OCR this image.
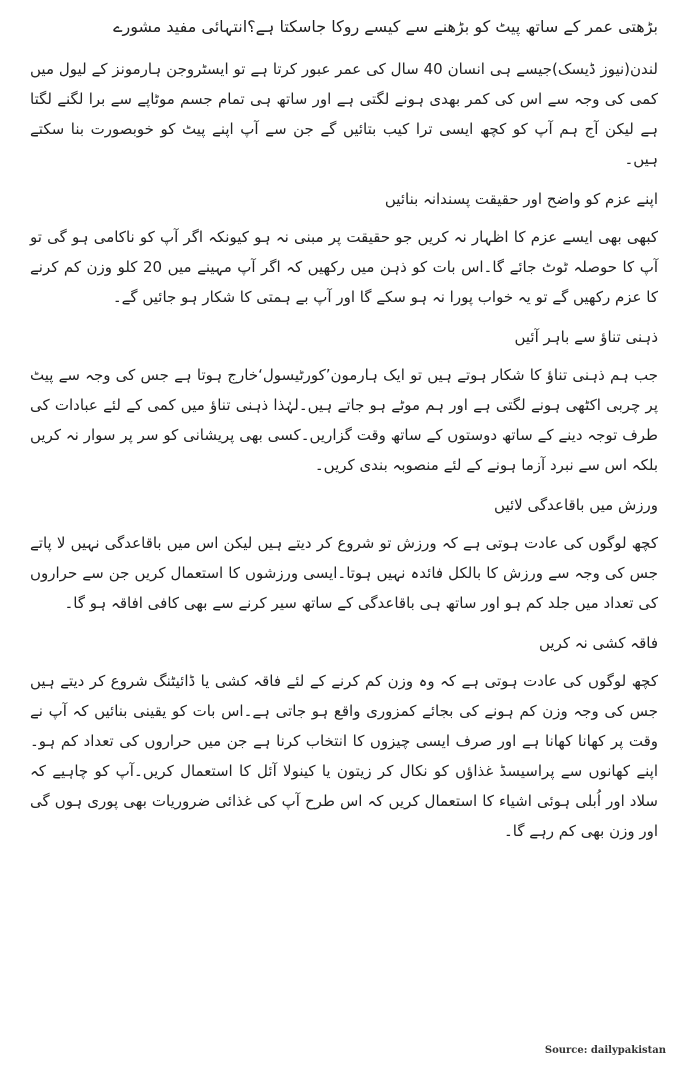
بڑھتی عمر کے ساتھ پیٹ کو بڑھنے سے کیسے روکا جاسکتا ہے؟انتہائی مفید مشورے

لندن(نیوز ڈیسک)جیسے ہی انسان 40 سال کی عمر عبور کرتا ہے تو ایسٹروجن ہارمونز کے لیول میں کمی کی وجہ سے اس کی کمر بھدی ہونے لگتی ہے اور ساتھ ہی تمام جسم موٹاپے سے برا لگنے لگتا ہے لیکن آج ہم آپ کو کچھ ایسی ترا کیب بتائیں گے جن سے آپ اپنے پیٹ کو خوبصورت بنا سکتے ہیں۔

اپنے عزم کو واضح اور حقیقت پسندانہ بنائیں

کبھی بھی ایسے عزم کا اظہار نہ کریں جو حقیقت پر مبنی نہ ہو کیونکہ اگر آپ کو ناکامی ہو گی تو آپ کا حوصلہ ٹوٹ جائے گا۔اس بات کو ذہن میں رکھیں کہ اگر آپ مہینے میں 20 کلو وزن کم کرنے کا عزم رکھیں گے تو یہ خواب پورا نہ ہو سکے گا اور آپ بے ہمتی کا شکار ہو جائیں گے۔

ذہنی تناؤ سے باہر آئیں

جب ہم ذہنی تناؤ کا شکار ہوتے ہیں تو ایک ہارمون’کورٹیسول‘خارج ہوتا ہے جس کی وجہ سے پیٹ پر چربی اکٹھی ہونے لگتی ہے اور ہم موٹے ہو جاتے ہیں۔لہٰذا ذہنی تناؤ میں کمی کے لئے عبادات کی طرف توجہ دینے کے ساتھ دوستوں کے ساتھ وقت گزاریں۔کسی بھی پریشانی کو سر پر سوار نہ کریں بلکہ اس سے نبرد آزما ہونے کے لئے منصوبہ بندی کریں۔

ورزش میں باقاعدگی لائیں

کچھ لوگوں کی عادت ہوتی ہے کہ ورزش تو شروع کر دیتے ہیں لیکن اس میں باقاعدگی نہیں لا پاتے جس کی وجہ سے ورزش کا بالکل فائدہ نہیں ہوتا۔ایسی ورزشوں کا استعمال کریں جن سے حراروں کی تعداد میں جلد کم ہو اور ساتھ ہی باقاعدگی کے ساتھ سیر کرنے سے بھی کافی افاقہ ہو گا۔

فاقہ کشی نہ کریں

کچھ لوگوں کی عادت ہوتی ہے کہ وہ وزن کم کرنے کے لئے فاقہ کشی یا ڈائیٹنگ شروع کر دیتے ہیں جس کی وجہ وزن کم ہونے کی بجائے کمزوری واقع ہو جاتی ہے۔اس بات کو یقینی بنائیں کہ آپ نے وقت پر کھانا کھانا ہے اور صرف ایسی چیزوں کا انتخاب کرنا ہے جن میں حراروں کی تعداد کم ہو۔اپنے کھانوں سے پراسیسڈ غذاؤں کو نکال کر زیتون یا کینولا آئل کا استعمال کریں۔آپ کو چاہیے کہ سلاد اور اُبلی ہوئی اشیاء کا استعمال کریں کہ اس طرح آپ کی غذائی ضروریات بھی پوری ہوں گی اور وزن بھی کم رہے گا۔

Source: dailypakistan
